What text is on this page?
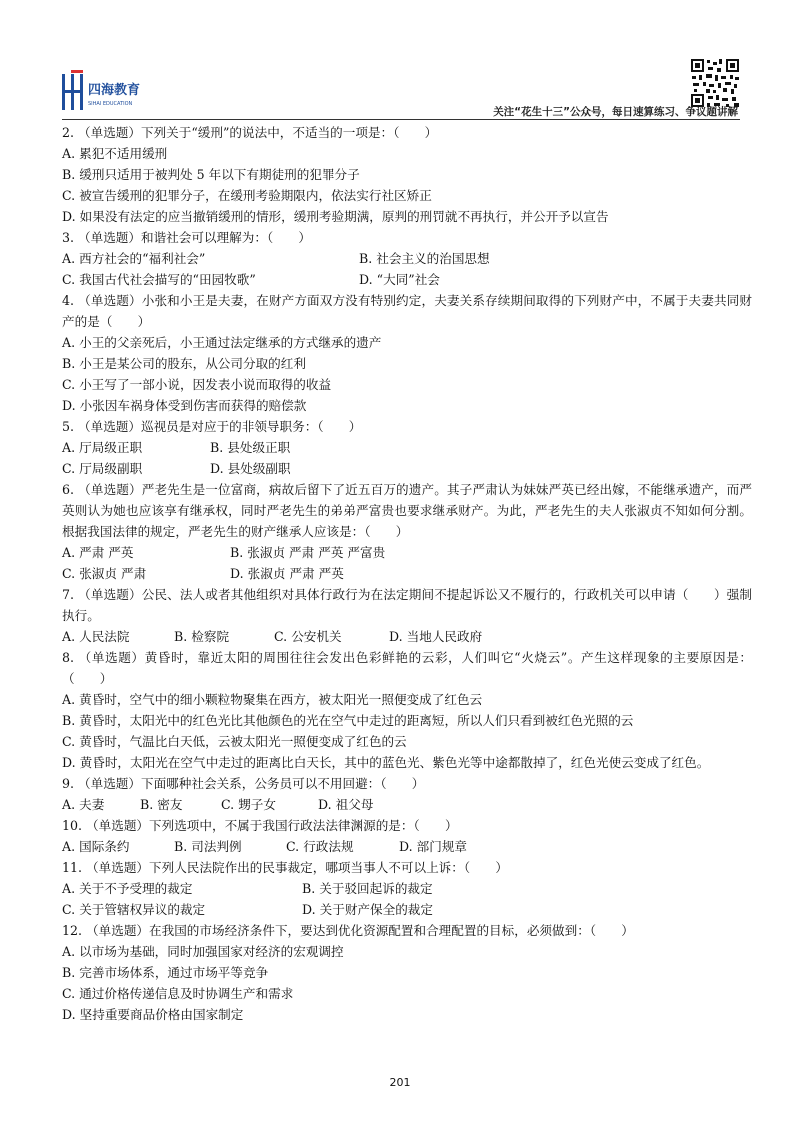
四海教育
SIHAI EDUCATION
关注“花生十三”公众号，每日速算练习、争议题讲解

2. （单选题）下列关于“缓刑”的说法中，不适当的一项是：（　　）

A. 累犯不适用缓刑
B. 缓刑只适用于被判处 5 年以下有期徒刑的犯罪分子
C. 被宣告缓刑的犯罪分子，在缓刑考验期限内，依法实行社区矫正
D. 如果没有法定的应当撤销缓刑的情形，缓刑考验期满，原判的刑罚就不再执行，并公开予以宣告

3. （单选题）和谐社会可以理解为：（　　）

A. 西方社会的“福利社会”	B. 社会主义的治国思想
C. 我国古代社会描写的“田园牧歌”	D. “大同”社会

4. （单选题）小张和小王是夫妻，在财产方面双方没有特别约定，夫妻关系存续期间取得的下列财产中，不属于夫妻共同财产的是（　　）

A. 小王的父亲死后，小王通过法定继承的方式继承的遗产
B. 小王是某公司的股东，从公司分取的红利
C. 小王写了一部小说，因发表小说而取得的收益
D. 小张因车祸身体受到伤害而获得的赔偿款

5. （单选题）巡视员是对应于的非领导职务：（　　）

A. 厅局级正职	B. 县处级正职
C. 厅局级副职	D. 县处级副职

6. （单选题）严老先生是一位富商，病故后留下了近五百万的遗产。其子严肃认为妹妹严英已经出嫁，不能继承遗产，而严英则认为她也应该享有继承权，同时严老先生的弟弟严富贵也要求继承财产。为此，严老先生的夫人张淑贞不知如何分割。根据我国法律的规定，严老先生的财产继承人应该是：（　　）

A. 严肃 严英	B. 张淑贞 严肃 严英 严富贵
C. 张淑贞 严肃	D. 张淑贞 严肃 严英

7. （单选题）公民、法人或者其他组织对具体行政行为在法定期间不提起诉讼又不履行的，行政机关可以申请（　　）强制执行。

A. 人民法院	B. 检察院	C. 公安机关	D. 当地人民政府

8. （单选题）黄昏时，靠近太阳的周围往往会发出色彩鲜艳的云彩，人们叫它“火烧云”。产生这样现象的主要原因是：（　　）

A. 黄昏时，空气中的细小颗粒物聚集在西方，被太阳光一照便变成了红色云
B. 黄昏时，太阳光中的红色光比其他颜色的光在空气中走过的距离短，所以人们只看到被红色光照的云
C. 黄昏时，气温比白天低，云被太阳光一照便变成了红色的云
D. 黄昏时，太阳光在空气中走过的距离比白天长，其中的蓝色光、紫色光等中途都散掉了，红色光使云变成了红色。

9. （单选题）下面哪种社会关系，公务员可以不用回避：（　　）

A. 夫妻	B. 密友	C. 甥子女	D. 祖父母

10. （单选题）下列选项中，不属于我国行政法法律渊源的是：（　　）

A. 国际条约	B. 司法判例	C. 行政法规	D. 部门规章

11. （单选题）下列人民法院作出的民事裁定，哪项当事人不可以上诉：（　　）

A. 关于不予受理的裁定	B. 关于驳回起诉的裁定
C. 关于管辖权异议的裁定	D. 关于财产保全的裁定

12. （单选题）在我国的市场经济条件下，要达到优化资源配置和合理配置的目标，必须做到：（　　）

A. 以市场为基础，同时加强国家对经济的宏观调控
B. 完善市场体系，通过市场平等竞争
C. 通过价格传递信息及时协调生产和需求
D. 坚持重要商品价格由国家制定
201
